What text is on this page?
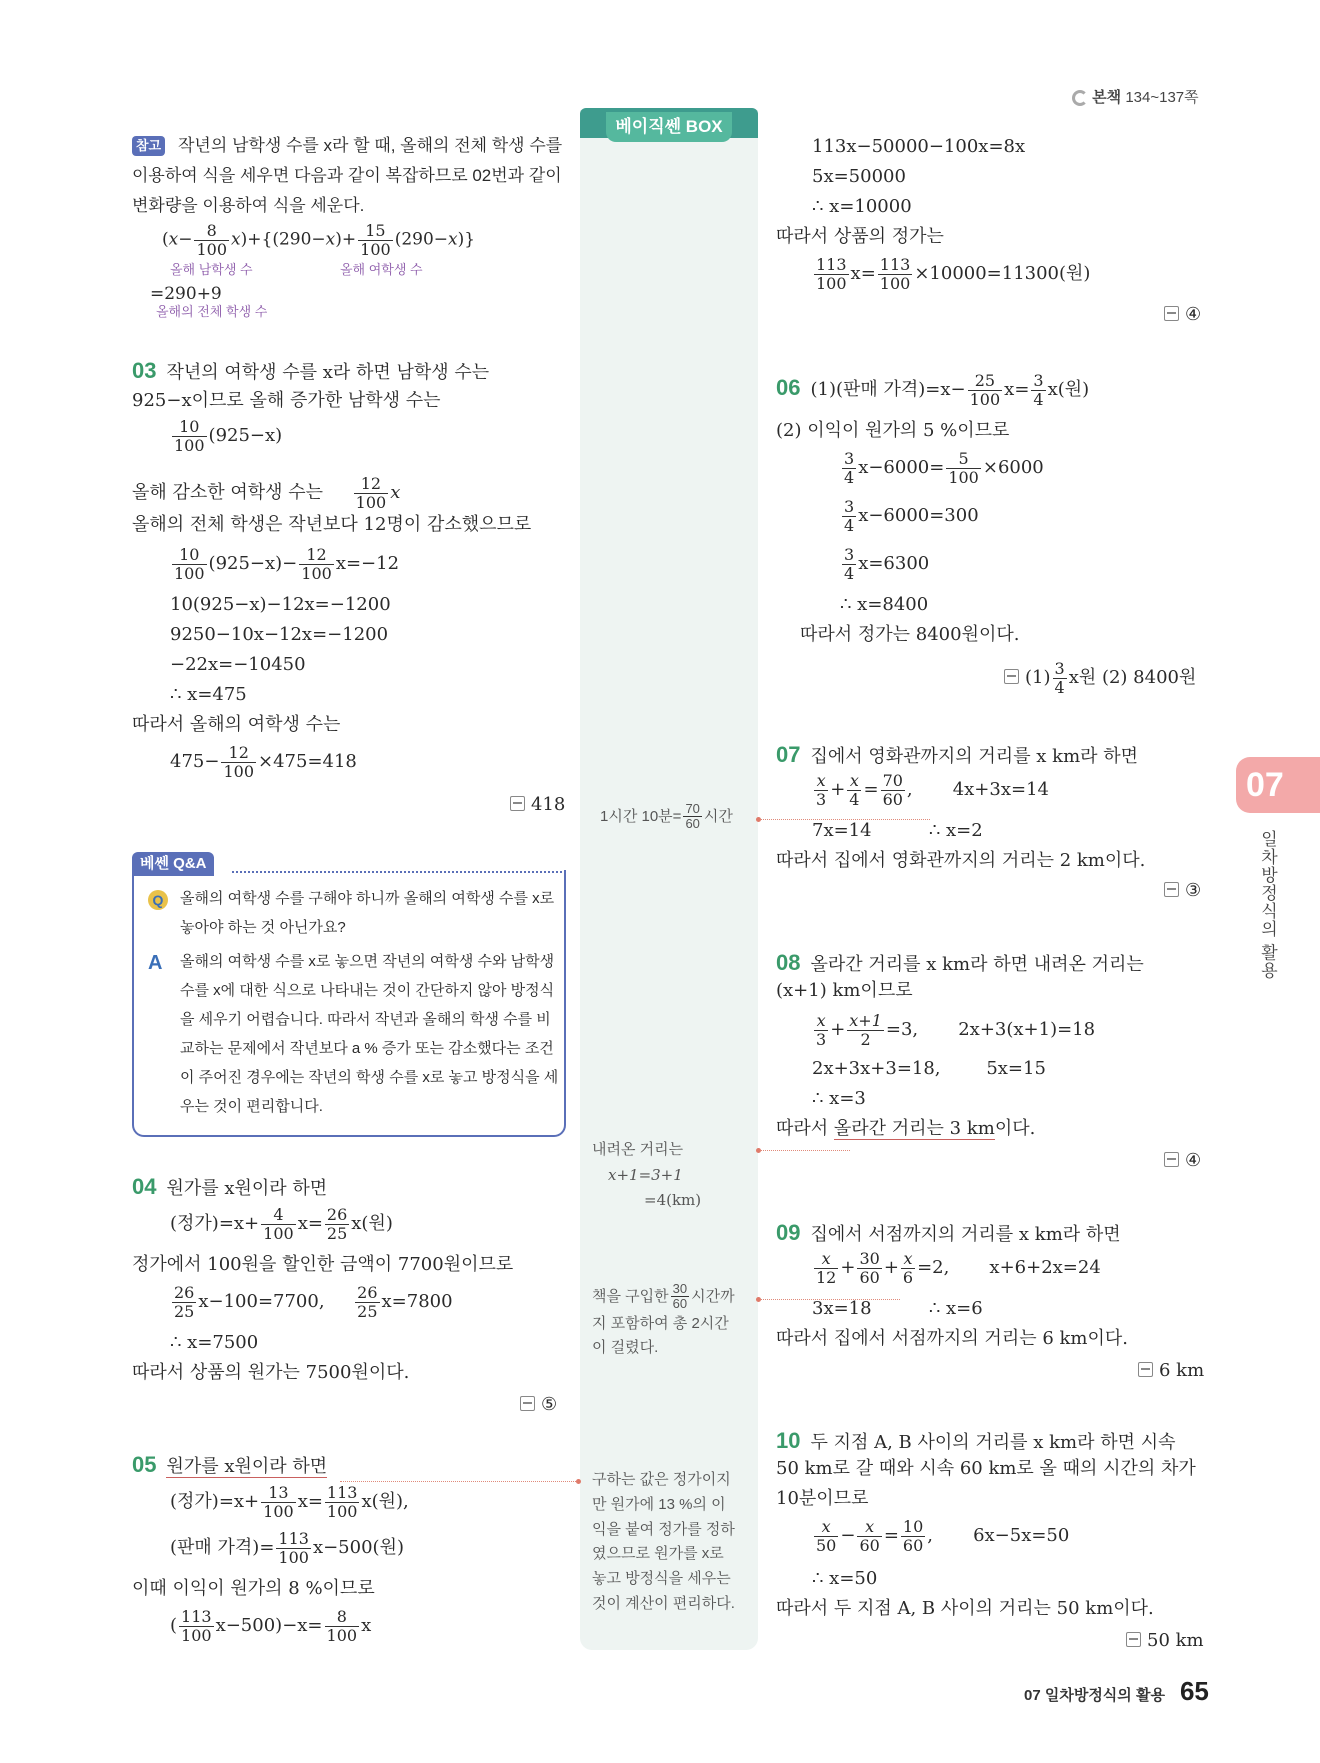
본책 134~137쪽
베이직쎈 BOX
참고 작년의 남학생 수를 x라 할 때, 올해의 전체 학생 수를
이용하여 식을 세우면 다음과 같이 복잡하므로 02번과 같이
변화량을 이용하여 식을 세운다.
$(x- \frac{8}{100} x)+\{(290-x)+ \frac{15}{100} (290-x)\}$
올해 남학생 수	올해 여학생 수
=290+9
올해의 전체 학생 수
03 작년의 여학생 수를 x라 하면 남학생 수는
925−x이므로 올해 증가한 남학생 수는
$\frac{10}{100} (925-x)$
올해 감소한 여학생 수는 $\frac{12}{100}$ x
올해의 전체 학생은 작년보다 12명이 감소했으므로
$\frac{10}{100} (925-x)- \frac{12}{100} x=-12$
10(925−x)−12x=−1200
9250−10x−12x=−1200
−22x=−10450
∴ x=475
따라서 올해의 여학생 수는
$475- \frac{12}{100} \times 475=418$
418
베쎈 Q&A
Q	올해의 여학생 수를 구해야 하니까 올해의 여학생 수를 x로
놓아야 하는 것 아닌가요?
A 올해의 여학생 수를 x로 놓으면 작년의 여학생 수와 남학생
수를 x에 대한 식으로 나타내는 것이 간단하지 않아 방정식
을 세우기 어렵습니다. 따라서 작년과 올해의 학생 수를 비
교하는 문제에서 작년보다 a % 증가 또는 감소했다는 조건
이 주어진 경우에는 작년의 학생 수를 x로 놓고 방정식을 세
우는 것이 편리합니다.
04 원가를 x원이라 하면
(정가)$=x+ \frac{4}{100} x= \frac{26}{25} x$(원)
정가에서 100원을 할인한 금액이 7700원이므로
$\frac{26}{25} x-100=7700$, $\frac{26}{25} x=7800$
∴ x=7500
따라서 상품의 원가는 7500원이다.
⑤
05 원가를 x원이라 하면
(정가)$=x+ \frac{13}{100} x= \frac{113}{100} x$(원),
(판매 가격)= $\frac{113}{100} x-500$(원)
이때 이익이 원가의 8 %이므로
( $\frac{113}{100} x-500)-x= \frac{8}{100}$ x
1시간 10분= $\frac{70}{60}$ 시간
내려온 거리는
x+1=3+1
=4(km)
책을 구입한 $\frac{30}{60}$ 시간까
지 포함하여 총 2시간
이 걸렸다.
구하는 값은 정가이지
만 원가에 13 %의 이
익을 붙여 정가를 정하
였으므로 원가를 x로
놓고 방정식을 세우는
것이 계산이 편리하다.
113x−50000−100x=8x
5x=50000
∴ x=10000
따라서 상품의 정가는
$\frac{113}{100} x= \frac{113}{100} \times 10000=11300$(원)
④
06 (1)(판매 가격)$=x- \frac{25}{100} x= \frac{3}{4} x$(원)
(2) 이익이 원가의 5 %이므로
$\frac{3}{4} x-6000= \frac{5}{100} \times 6000$
$\frac{3}{4} x-6000=300$
$\frac{3}{4} x=6300$
∴ x=8400
따라서 정가는 8400원이다.
$(1) \frac{3}{4}$ x원 (2) 8400원
07 집에서 영화관까지의 거리를 x km라 하면
$\frac{x}{3} + \frac{x}{4} = \frac{70}{60}$ ,       4x+3x=14
7x=14	∴ x=2
따라서 집에서 영화관까지의 거리는 2 km이다.
③
08 올라간 거리를 x km라 하면 내려온 거리는
(x+1) km이므로
$\frac{x}{3} + \frac{x+1}{2} =3$, 2x+3(x+1)=18
2x+3x+3=18,	5x=15
∴ x=3
따라서 올라간 거리는 3 km이다.
④
09 집에서 서점까지의 거리를 x km라 하면
$\frac{x}{12} + \frac{30}{60} + \frac{x}{6} =2$, x+6+2x=24
3x=18	∴ x=6
따라서 집에서 서점까지의 거리는 6 km이다.
6 km
10 두 지점 A, B 사이의 거리를 x km라 하면 시속
50 km로 갈 때와 시속 60 km로 올 때의 시간의 차가
10분이므로
$\frac{x}{50} - \frac{x}{60} = \frac{10}{60}$ , 6x−5x=50
∴ x=50
따라서 두 지점 A, B 사이의 거리는 50 km이다.
50 km
07
일차방정식의 활용
07 일차방정식의 활용 65
